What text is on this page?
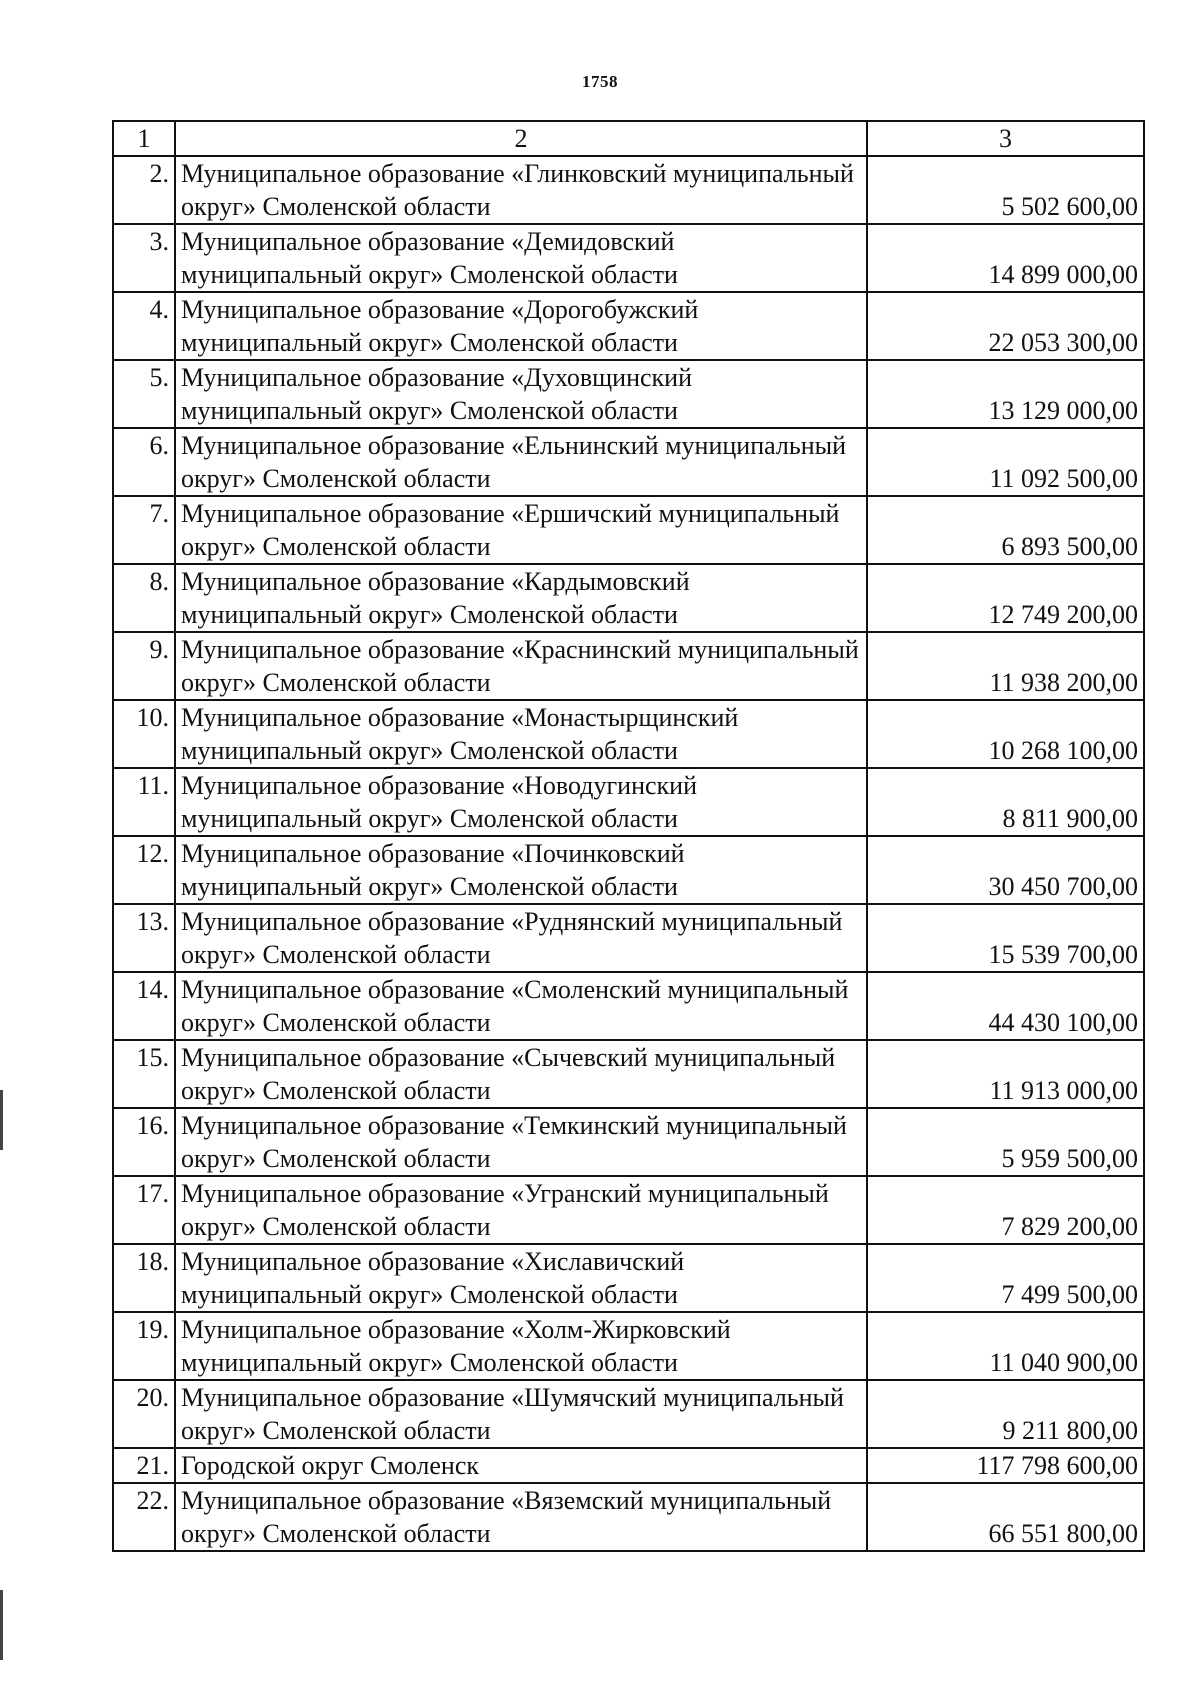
1758
1	2	3
2.	Муниципальное образование «Глинковский муниципальный округ» Смоленской области	5 502 600,00
3.	Муниципальное образование «Демидовский муниципальный округ» Смоленской области	14 899 000,00
4.	Муниципальное образование «Дорогобужский муниципальный округ» Смоленской области	22 053 300,00
5.	Муниципальное образование «Духовщинский муниципальный округ» Смоленской области	13 129 000,00
6.	Муниципальное образование «Ельнинский муниципальный округ» Смоленской области	11 092 500,00
7.	Муниципальное образование «Ершичский муниципальный округ» Смоленской области	6 893 500,00
8.	Муниципальное образование «Кардымовский муниципальный округ» Смоленской области	12 749 200,00
9.	Муниципальное образование «Краснинский муниципальный округ» Смоленской области	11 938 200,00
10.	Муниципальное образование «Монастырщинский муниципальный округ» Смоленской области	10 268 100,00
11.	Муниципальное образование «Новодугинский муниципальный округ» Смоленской области	8 811 900,00
12.	Муниципальное образование «Починковский муниципальный округ» Смоленской области	30 450 700,00
13.	Муниципальное образование «Руднянский муниципальный округ» Смоленской области	15 539 700,00
14.	Муниципальное образование «Смоленский муниципальный округ» Смоленской области	44 430 100,00
15.	Муниципальное образование «Сычевский муниципальный округ» Смоленской области	11 913 000,00
16.	Муниципальное образование «Темкинский муниципальный округ» Смоленской области	5 959 500,00
17.	Муниципальное образование «Угранский муниципальный округ» Смоленской области	7 829 200,00
18.	Муниципальное образование «Хиславичский муниципальный округ» Смоленской области	7 499 500,00
19.	Муниципальное образование «Холм-Жирковский муниципальный округ» Смоленской области	11 040 900,00
20.	Муниципальное образование «Шумячский муниципальный округ» Смоленской области	9 211 800,00
21.	Городской округ Смоленск	117 798 600,00
22.	Муниципальное образование «Вяземский муниципальный округ» Смоленской области	66 551 800,00
